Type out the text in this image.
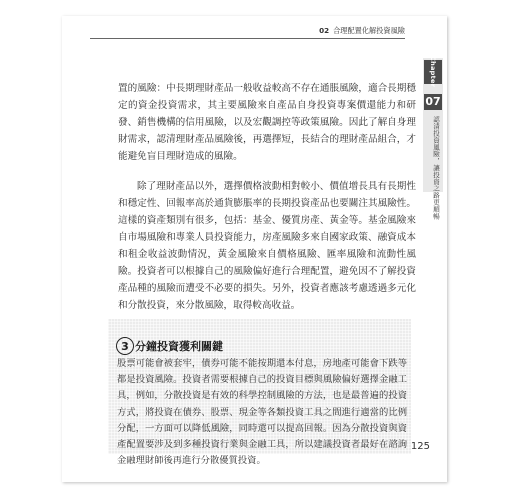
02 合理配置化解投資風險
Chapter
07
認清投資風險，讓投資之路更順暢

置的風險：中長期理財產品一般收益較高不存在通脹風險，適合長期穩定的資金投資需求，其主要風險來自產品自身投資專案價還能力和研發、銷售機構的信用風險，以及宏觀調控等政策風險。因此了解自身理財需求，認清理財產品風險後，再選擇短，長結合的理財產品組合，才能避免盲目理財造成的風險。

除了理財產品以外，選擇價格波動相對較小、價值增長具有長期性和穩定性、回報率高於通貨膨脹率的長期投資產品也要關注其風險性。這樣的資產類別有很多，包括：基金、優質房產、黃金等。基金風險來自市場風險和專業人員投資能力，房產風險多來自國家政策、融資成本和租金收益波動情況，黃金風險來自價格風險、匯率風險和流動性風險。投資者可以根據自己的風險偏好進行合理配置，避免因不了解投資產品種的風險而遭受不必要的損失。另外，投資者應該考慮透過多元化和分散投資，來分散風險，取得較高收益。

3 分鐘投資獲利關鍵

股票可能會被套牢，債券可能不能按期還本付息，房地產可能會下跌等都是投資風險。投資者需要根據自己的投資目標與風險偏好選擇金融工具，例如，分散投資是有效的科學控制風險的方法，也是最普遍的投資方式，將投資在債券、股票、現金等各類投資工具之間進行適當的比例分配，一方面可以降低風險，同時還可以提高回報。因為分散投資與資產配置要涉及到多種投資行業與金融工具，所以建議投資者最好在諮詢金融理財師後再進行分散優質投資。

125
